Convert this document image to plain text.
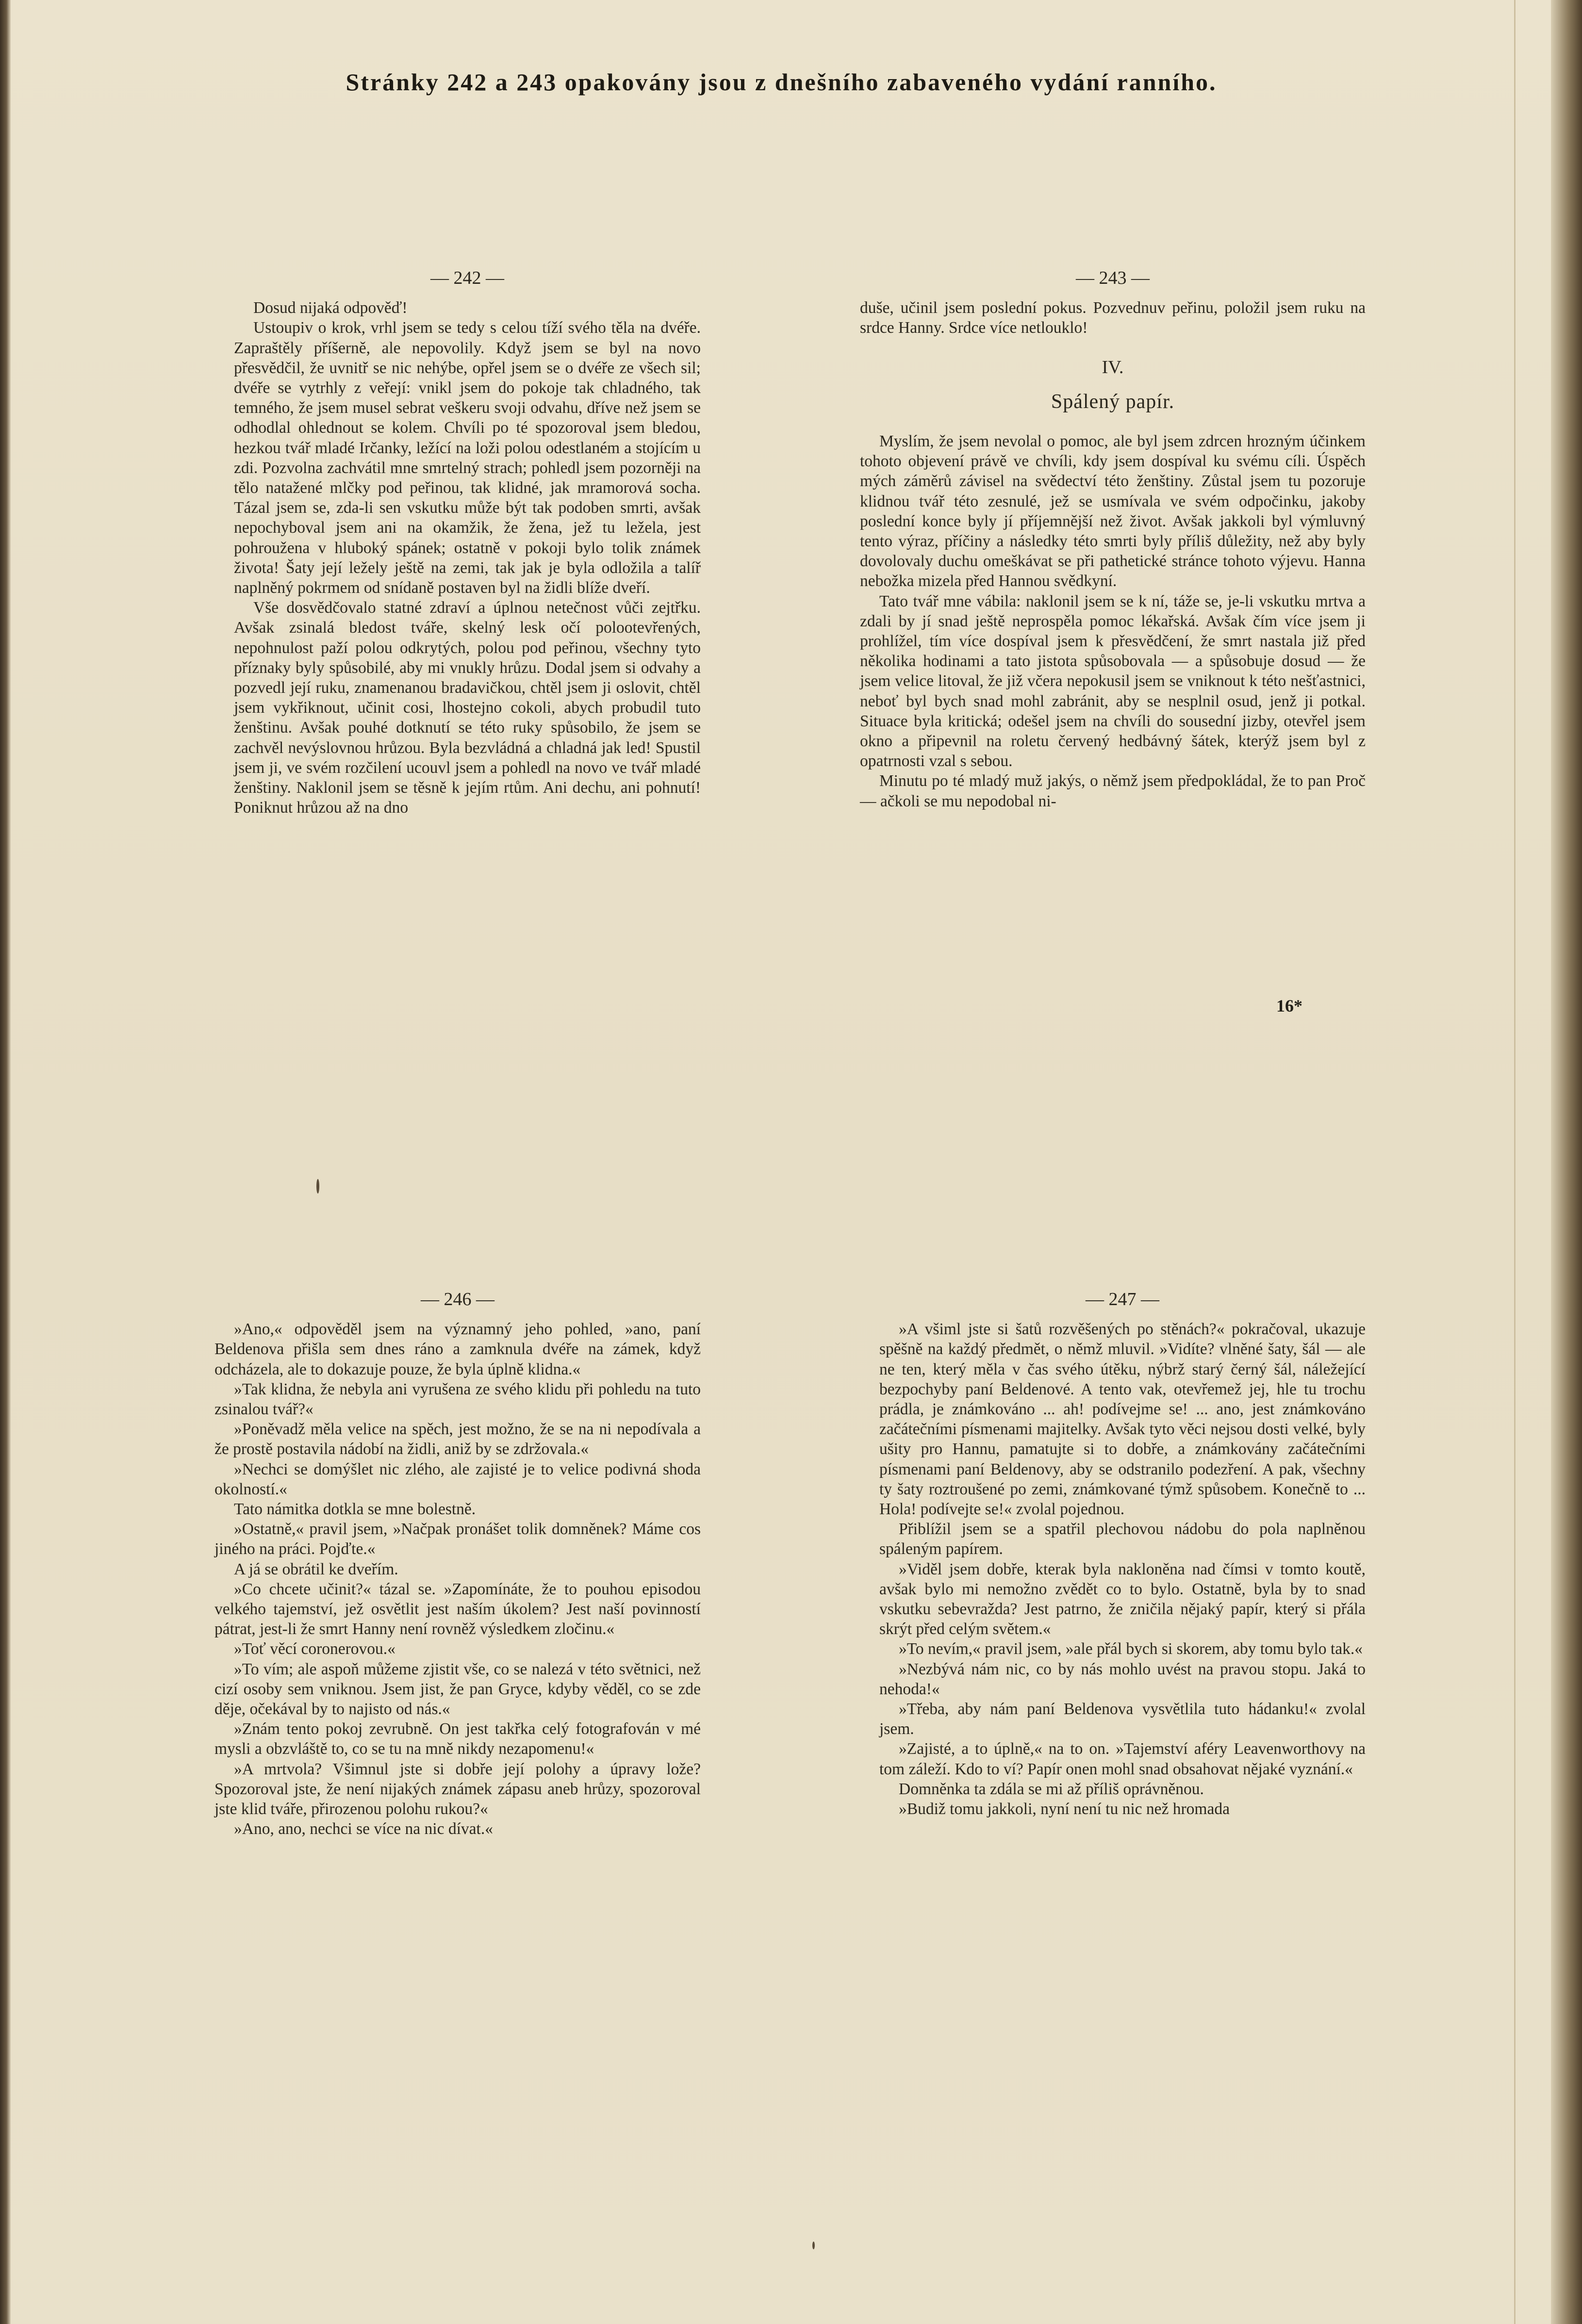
Stránky 242 a 243 opakovány jsou z dnešního zabaveného vydání ranního.

— 242 —

Dosud nijaká odpověď!

Ustoupiv o krok, vrhl jsem se tedy s celou tíží svého těla na dvéře. Zapraštěly příšerně, ale nepovolily. Když jsem se byl na novo přesvědčil, že uvnitř se nic nehýbe, opřel jsem se o dvéře ze všech sil; dvéře se vytrhly z veřejí: vnikl jsem do pokoje tak chladného, tak temného, že jsem musel sebrat veškeru svoji odvahu, dříve než jsem se odhodlal ohlednout se kolem. Chvíli po té spozoroval jsem bledou, hezkou tvář mladé Irčanky, ležící na loži polou odestlaném a stojícím u zdi. Pozvolna zachvátil mne smrtelný strach; pohledl jsem pozorněji na tělo natažené mlčky pod peřinou, tak klidné, jak mramorová socha. Tázal jsem se, zda-li sen vskutku může být tak podoben smrti, avšak nepochyboval jsem ani na okamžik, že žena, jež tu ležela, jest pohroužena v hluboký spánek; ostatně v pokoji bylo tolik známek života! Šaty její ležely ještě na zemi, tak jak je byla odložila a talíř naplněný pokrmem od snídaně postaven byl na židli blíže dveří.

Vše dosvědčovalo statné zdraví a úplnou netečnost vůči zejtřku. Avšak zsinalá bledost tváře, skelný lesk očí polootevřených, nepohnulost paží polou odkrytých, polou pod peřinou, všechny tyto příznaky byly spůsobilé, aby mi vnukly hrůzu. Dodal jsem si odvahy a pozvedl její ruku, znamenanou bradavičkou, chtěl jsem ji oslovit, chtěl jsem vykřiknout, učinit cosi, lhostejno cokoli, abych probudil tuto ženštinu. Avšak pouhé dotknutí se této ruky spůsobilo, že jsem se zachvěl nevýslovnou hrůzou. Byla bezvládná a chladná jak led! Spustil jsem ji, ve svém rozčilení ucouvl jsem a pohledl na novo ve tvář mladé ženštiny. Naklonil jsem se těsně k jejím rtům. Ani dechu, ani pohnutí! Poniknut hrůzou až na dno

— 243 —

duše, učinil jsem poslední pokus. Pozvednuv peřinu, položil jsem ruku na srdce Hanny. Srdce více netlouklo!

IV.

Spálený papír.

Myslím, že jsem nevolal o pomoc, ale byl jsem zdrcen hrozným účinkem tohoto objevení právě ve chvíli, kdy jsem dospíval ku svému cíli. Úspěch mých záměrů závisel na svědectví této ženštiny. Zůstal jsem tu pozoruje klidnou tvář této zesnulé, jež se usmívala ve svém odpočinku, jakoby poslední konce byly jí příjemnější než život. Avšak jakkoli byl výmluvný tento výraz, příčiny a následky této smrti byly příliš důležity, než aby byly dovolovaly duchu omeškávat se při pathetické stránce tohoto výjevu. Hanna nebožka mizela před Hannou svědkyní.

Tato tvář mne vábila: naklonil jsem se k ní, tážе se, je-li vskutku mrtva a zdali by jí snad ještě neprospěla pomoc lékařská. Avšak čím více jsem ji prohlížel, tím více dospíval jsem k přesvědčení, že smrt nastala již před několika hodinami a tato jistota spůsobovala — a spůsobuje dosud — že jsem velice litoval, že již včera nepokusil jsem se vniknout k této nešťastnici, neboť byl bych snad mohl zabránit, aby se nesplnil osud, jenž ji potkal. Situace byla kritická; odešel jsem na chvíli do sousední jizby, otevřel jsem okno a připevnil na roletu červený hedbávný šátek, kterýž jsem byl z opatrnosti vzal s sebou.

Minutu po té mladý muž jakýs, o němž jsem předpokládal, že to pan Proč — ačkoli se mu nepodobal ni-

16*

— 246 —

»Ano,« odpověděl jsem na významný jeho pohled, »ano, paní Beldenova přišla sem dnes ráno a zamknula dvéře na zámek, když odcházela, ale to dokazuje pouze, že byla úplně klidna.«

»Tak klidna, že nebyla ani vyrušena ze svého klidu při pohledu na tuto zsinalou tvář?«

»Poněvadž měla velice na spěch, jest možno, že se na ni nepodívala a že prostě postavila nádobí na židli, aniž by se zdržovala.«

»Nechci se domýšlet nic zlého, ale zajisté je to velice podivná shoda okolností.«

Tato námitka dotkla se mne bolestně.

»Ostatně,« pravil jsem, »Načpak pronášet tolik domněnek? Máme cos jiného na práci. Pojďte.«

A já se obrátil ke dveřím.

»Co chcete učinit?« tázal se. »Zapomínáte, že to pouhou episodou velkého tajemství, jež osvětlit jest naším úkolem? Jest naší povinností pátrat, jest-li že smrt Hanny není rovněž výsledkem zločinu.«

»Toť věcí coronerovou.«

»To vím; ale aspoň můžeme zjistit vše, co se nalezá v této světnici, než cizí osoby sem vniknou. Jsem jist, že pan Gryce, kdyby věděl, co se zde děje, očekával by to najisto od nás.«

»Znám tento pokoj zevrubně. On jest takřka celý fotografován v mé mysli a obzvláště to, co se tu na mně nikdy nezapomenu!«

»A mrtvola? Všimnul jste si dobře její polohy a úpravy lože? Spozoroval jste, že není nijakých známek zápasu aneb hrůzy, spozoroval jste klid tváře, přirozenou polohu rukou?«

»Ano, ano, nechci se více na nic dívat.«

— 247 —

»A všiml jste si šatů rozvěšených po stěnách?« pokračoval, ukazuje spěšně na každý předmět, o němž mluvil. »Vidíte? vlněné šaty, šál — ale ne ten, který měla v čas svého útěku, nýbrž starý černý šál, náležející bezpochyby paní Beldenové. A tento vak, otevřemež jej, hle tu trochu prádla, je známkováno ... ah! podívejme se! ... ano, jest známkováno začátečními písmenami majitelky. Avšak tyto věci nejsou dosti velké, byly ušity pro Hannu, pamatujte si to dobře, a známkovány začátečními písmenami paní Beldenovy, aby se odstranilo podezření. A pak, všechny ty šaty roztroušené po zemi, známkované týmž spůsobem. Konečně to ... Hola! podívejte se!« zvolal pojednou.

Přiblížil jsem se a spatřil plechovou nádobu do pola naplněnou spáleným papírem.

»Viděl jsem dobře, kterak byla nakloněna nad čímsi v tomto koutě, avšak bylo mi nemožno zvědět co to bylo. Ostatně, byla by to snad vskutku sebevražda? Jest patrno, že zničila nějaký papír, který si přála skrýt před celým světem.«

»To nevím,« pravil jsem, »ale přál bych si skorem, aby tomu bylo tak.«

»Nezbývá nám nic, co by nás mohlo uvést na pravou stopu. Jaká to nehoda!«

»Třeba, aby nám paní Beldenova vysvětlila tuto hádanku!« zvolal jsem.

»Zajisté, a to úplně,« na to on. »Tajemství aféry Leavenworthovy na tom záleží. Kdo to ví? Papír onen mohl snad obsahovat nějaké vyznání.«

Domněnka ta zdála se mi až příliš oprávněnou.

»Budiž tomu jakkoli, nyní není tu nic než hromada
